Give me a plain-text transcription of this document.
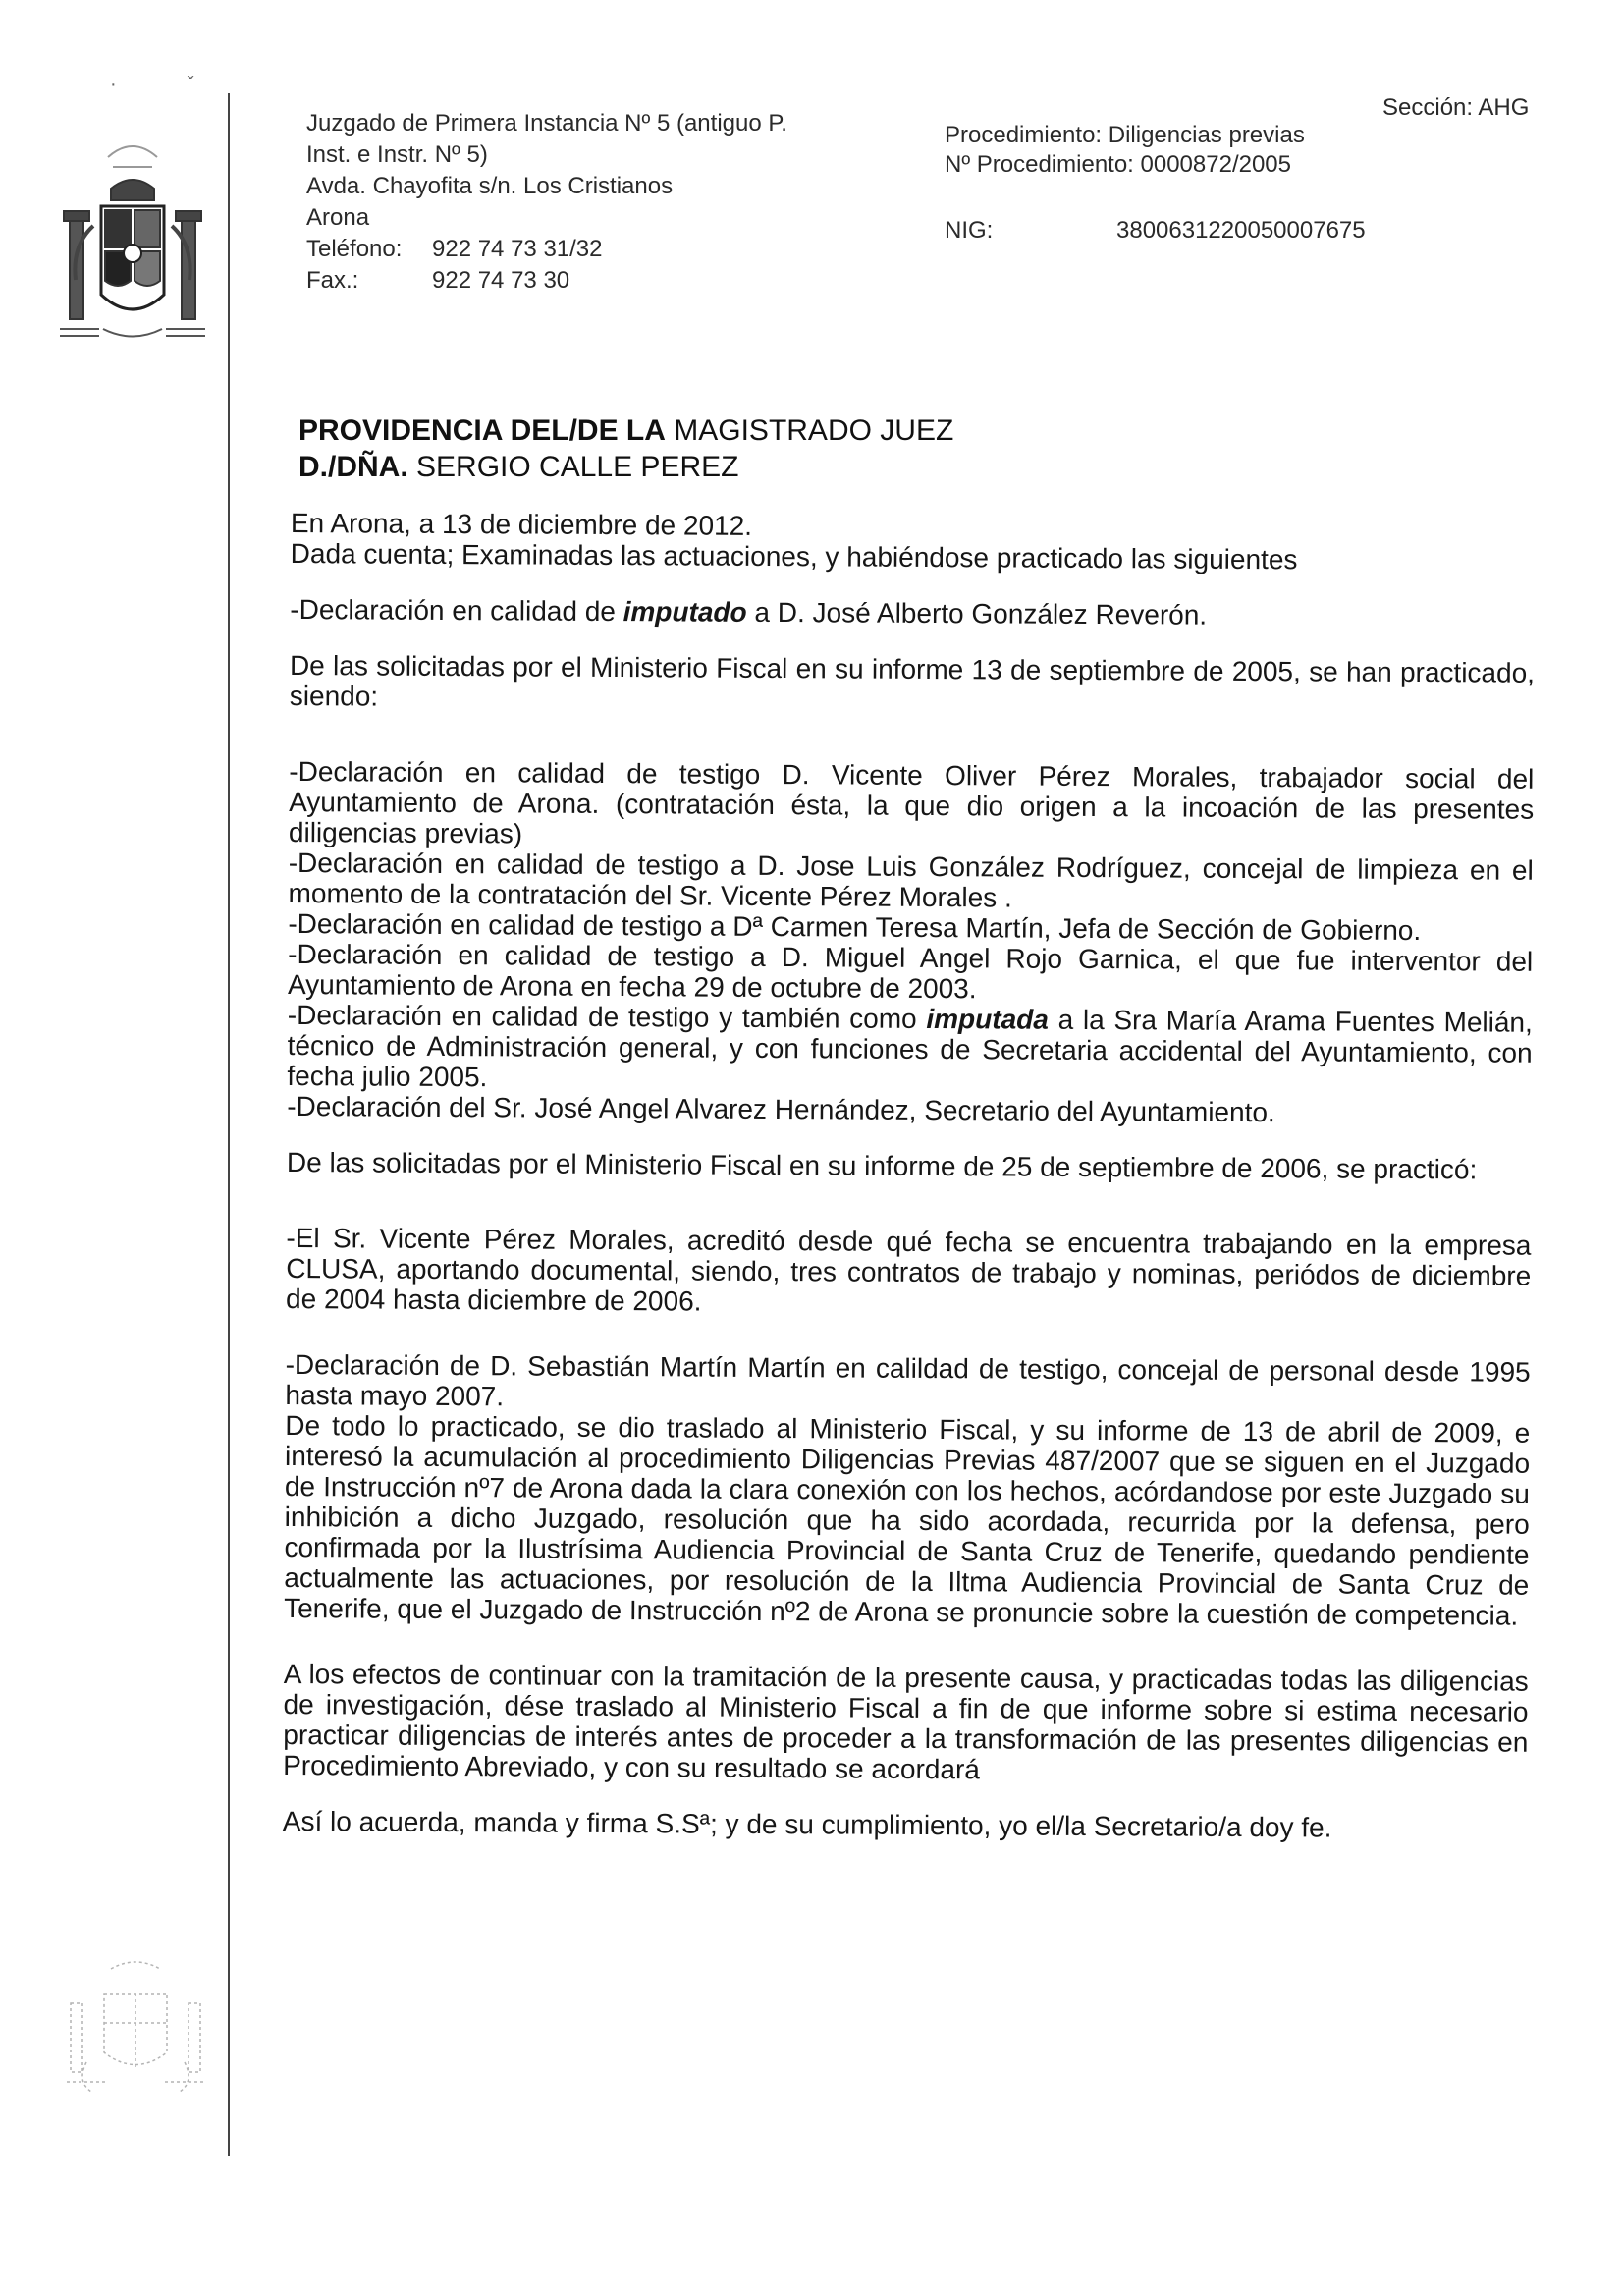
·             ˇ
Juzgado de Primera Instancia Nº 5 (antiguo P.
Inst. e Instr. Nº 5)
Avda. Chayofita s/n. Los Cristianos
Arona
Teléfono: 922 74 73 31/32
Fax.:	922 74 73 30
Sección: AHG
Procedimiento: Diligencias previas
Nº Procedimiento: 0000872/2005
NIG:	3800631220050007675
PROVIDENCIA DEL/DE LA MAGISTRADO JUEZ
D./DÑA. SERGIO CALLE PEREZ

En Arona, a 13 de diciembre de 2012.

Dada cuenta; Examinadas las actuaciones, y habiéndose practicado las siguientes

-Declaración en calidad de imputado a D. José Alberto González Reverón.

De las solicitadas por el Ministerio Fiscal en su informe 13 de septiembre de 2005, se han practicado, siendo:

-Declaración en calidad de testigo D. Vicente Oliver Pérez Morales, trabajador social del Ayuntamiento de Arona. (contratación ésta, la que dio origen a la incoación de las presentes diligencias previas)

-Declaración en calidad de testigo a D. Jose Luis González Rodríguez, concejal de limpieza en el momento de la contratación del Sr. Vicente Pérez Morales .

-Declaración en calidad de testigo a Dª Carmen Teresa Martín, Jefa de Sección de Gobierno.

-Declaración en calidad de testigo a D. Miguel Angel Rojo Garnica, el que fue interventor del Ayuntamiento de Arona en fecha 29 de octubre de 2003.

-Declaración en calidad de testigo y también como imputada a la Sra María Arama Fuentes Melián, técnico de Administración general, y con funciones de Secretaria accidental del Ayuntamiento, con fecha julio 2005.

-Declaración del Sr. José Angel Alvarez Hernández, Secretario del Ayuntamiento.

De las solicitadas por el Ministerio Fiscal en su informe de 25 de septiembre de 2006, se practicó:

-El Sr. Vicente Pérez Morales, acreditó desde qué fecha se encuentra trabajando en la empresa CLUSA, aportando documental, siendo, tres contratos de trabajo y nominas, periódos de diciembre de 2004 hasta diciembre de 2006.

-Declaración de D. Sebastián Martín Martín en calildad de testigo, concejal de personal desde 1995 hasta mayo 2007.

De todo lo practicado, se dio traslado al Ministerio Fiscal, y su informe de 13 de abril de 2009, e interesó la acumulación al procedimiento Diligencias Previas 487/2007 que se siguen en el Juzgado de Instrucción nº7 de Arona dada la clara conexión con los hechos, acórdandose por este Juzgado su inhibición a dicho Juzgado, resolución que ha sido acordada, recurrida por la defensa, pero confirmada por la Ilustrísima Audiencia Provincial de Santa Cruz de Tenerife, quedando pendiente actualmente las actuaciones, por resolución de la Iltma Audiencia Provincial de Santa Cruz de Tenerife, que el Juzgado de Instrucción nº2 de Arona se pronuncie sobre la cuestión de competencia.

A los efectos de continuar con la tramitación de la presente causa, y practicadas todas las diligencias de investigación, dése traslado al Ministerio Fiscal a fin de que informe sobre si estima necesario practicar diligencias de interés antes de proceder a la transformación de las presentes diligencias en Procedimiento Abreviado, y con su resultado se acordará

Así lo acuerda, manda y firma S.Sª; y de su cumplimiento, yo el/la Secretario/a doy fe.
